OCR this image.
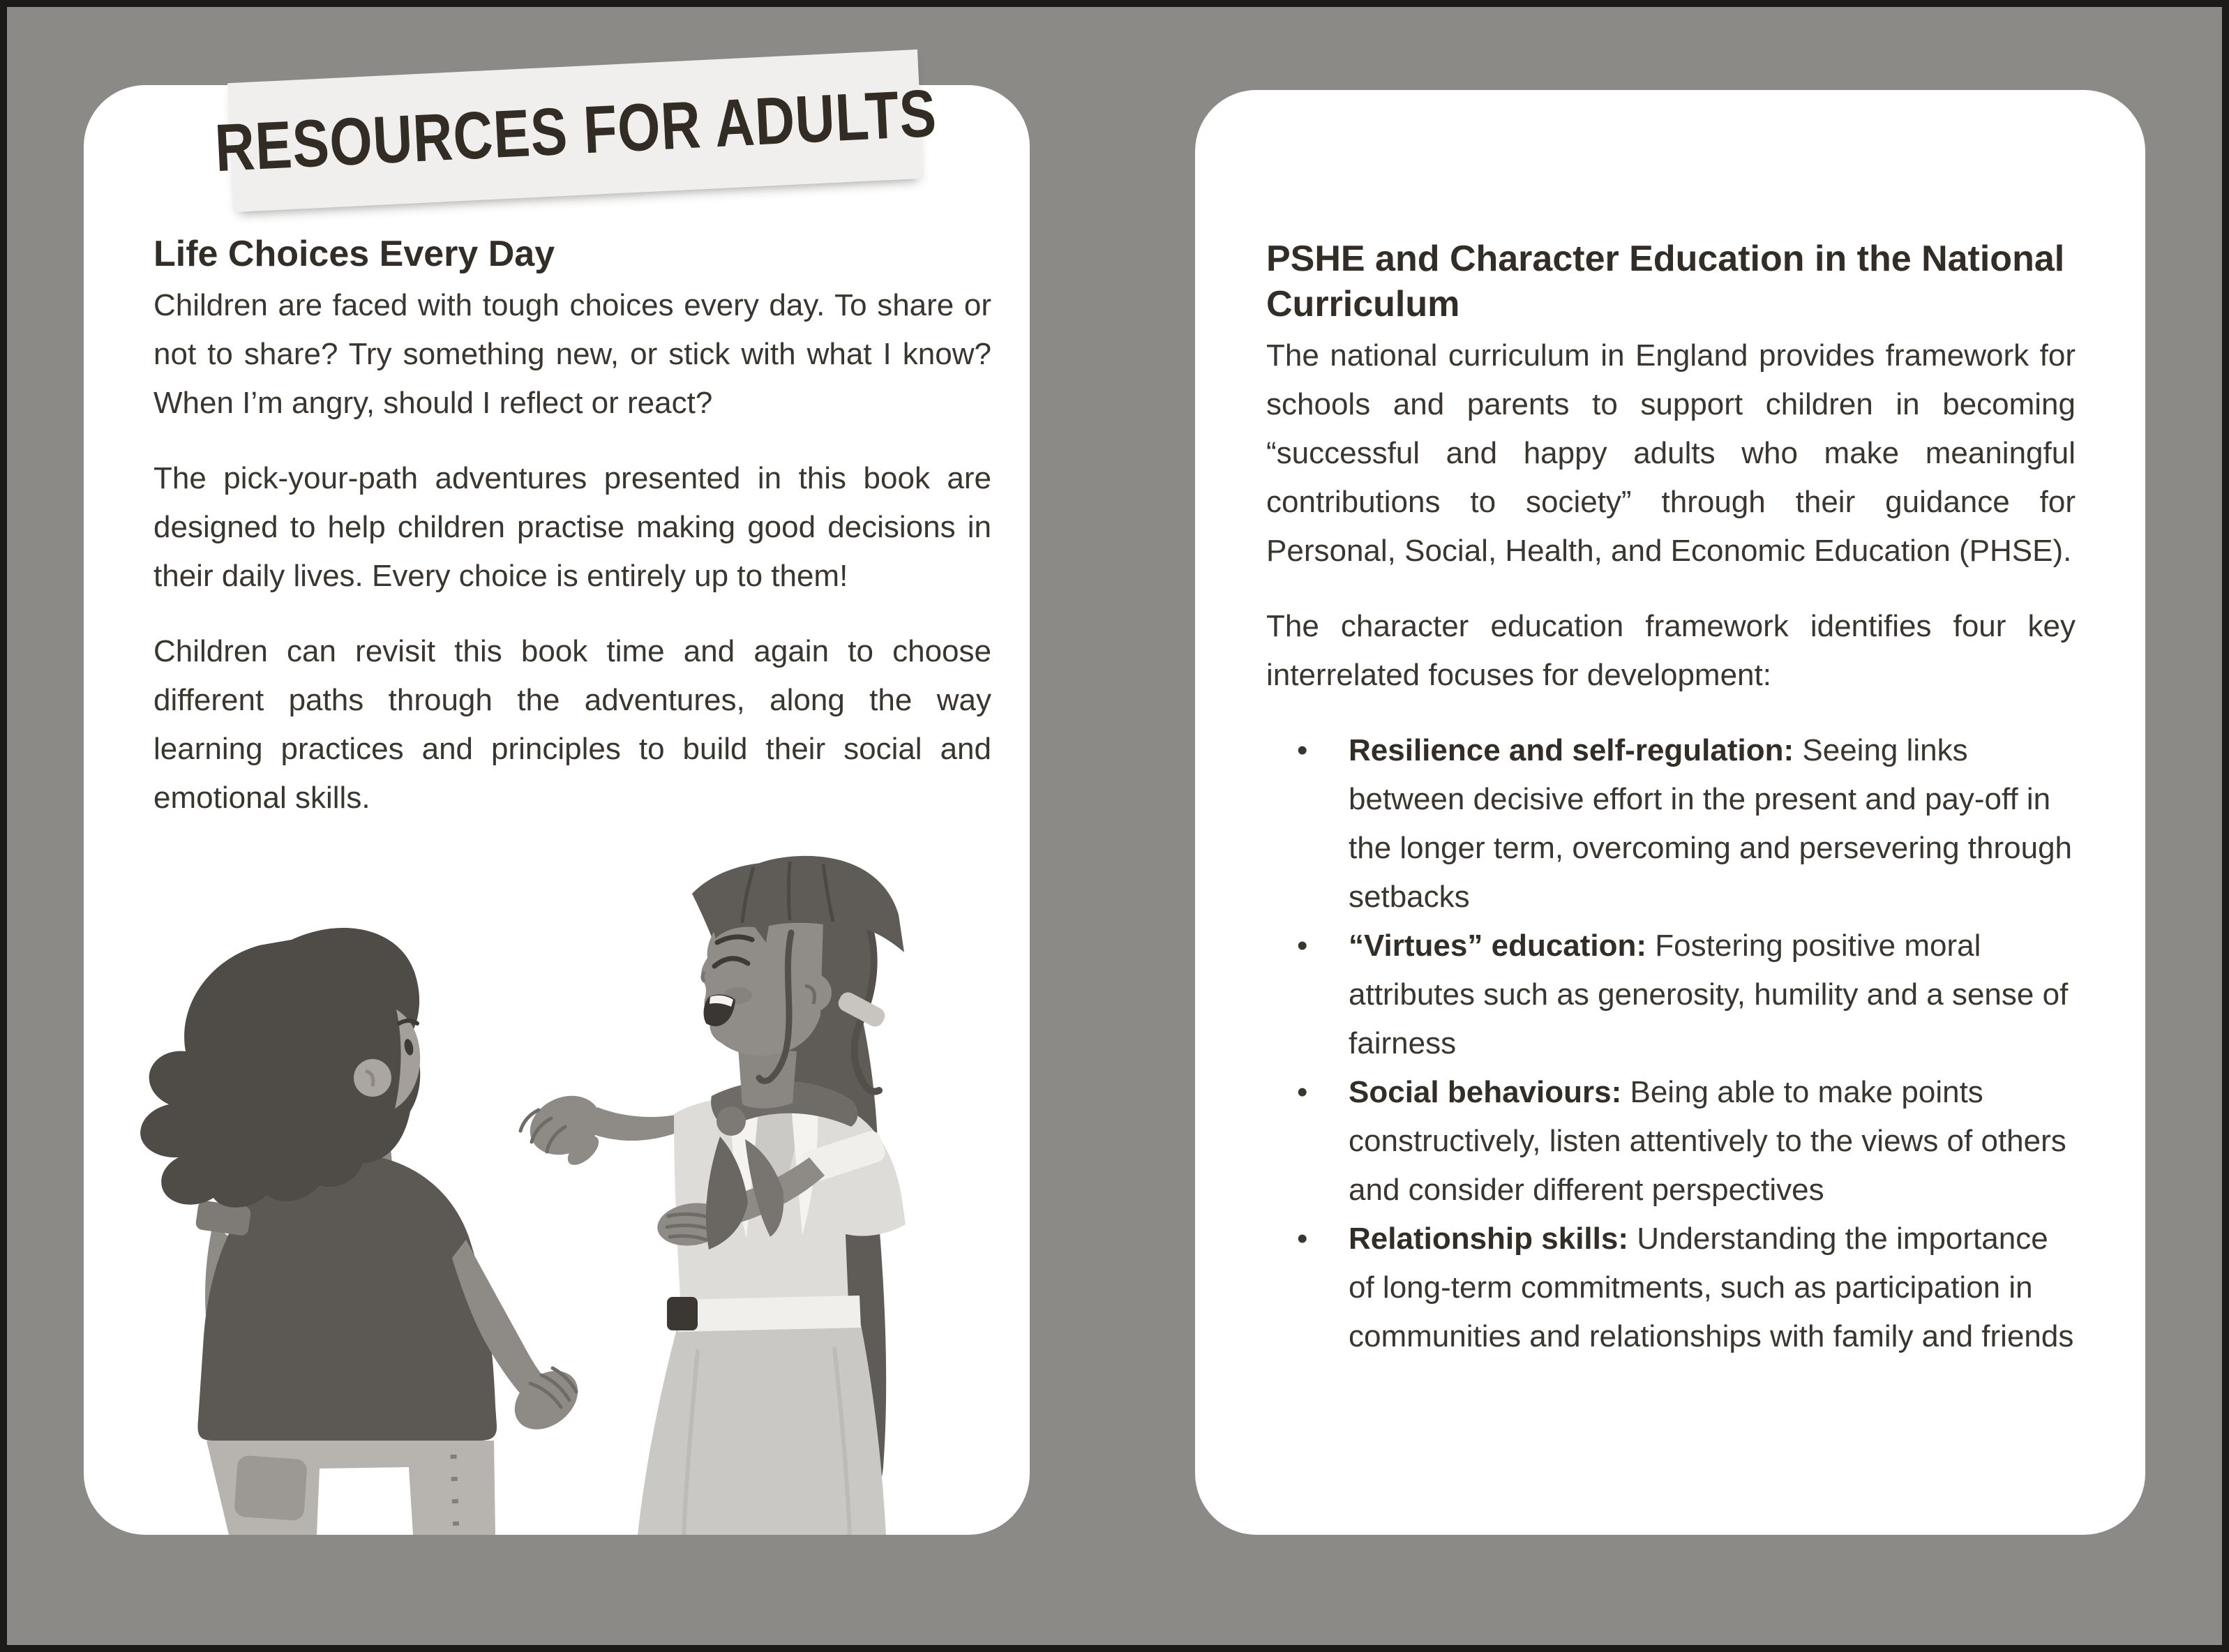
RESOURCES FOR ADULTS
Life Choices Every Day

Children are faced with tough choices every day. To share or not to share? Try something new, or stick with what I know? When I’m angry, should I reflect or react?

The pick-your-path adventures presented in this book are designed to help children practise making good decisions in their daily lives. Every choice is entirely up to them!

Children can revisit this book time and again to choose different paths through the adventures, along the way learning practices and principles to build their social and emotional skills.

PSHE and Character Education in the National Curriculum

The national curriculum in England provides framework for schools and parents to support children in becoming “successful and happy adults who make meaningful contributions to society” through their guidance for Personal, Social, Health, and Economic Education (PHSE).

The character education framework identifies four key interrelated focuses for development:

• Resilience and self-regulation: Seeing links between decisive effort in the present and pay-off in the longer term, overcoming and persevering through setbacks
• “Virtues” education: Fostering positive moral attributes such as generosity, humility and a sense of fairness
• Social behaviours: Being able to make points constructively, listen attentively to the views of others and consider different perspectives
• Relationship skills: Understanding the importance of long-term commitments, such as participation in communities and relationships with family and friends
